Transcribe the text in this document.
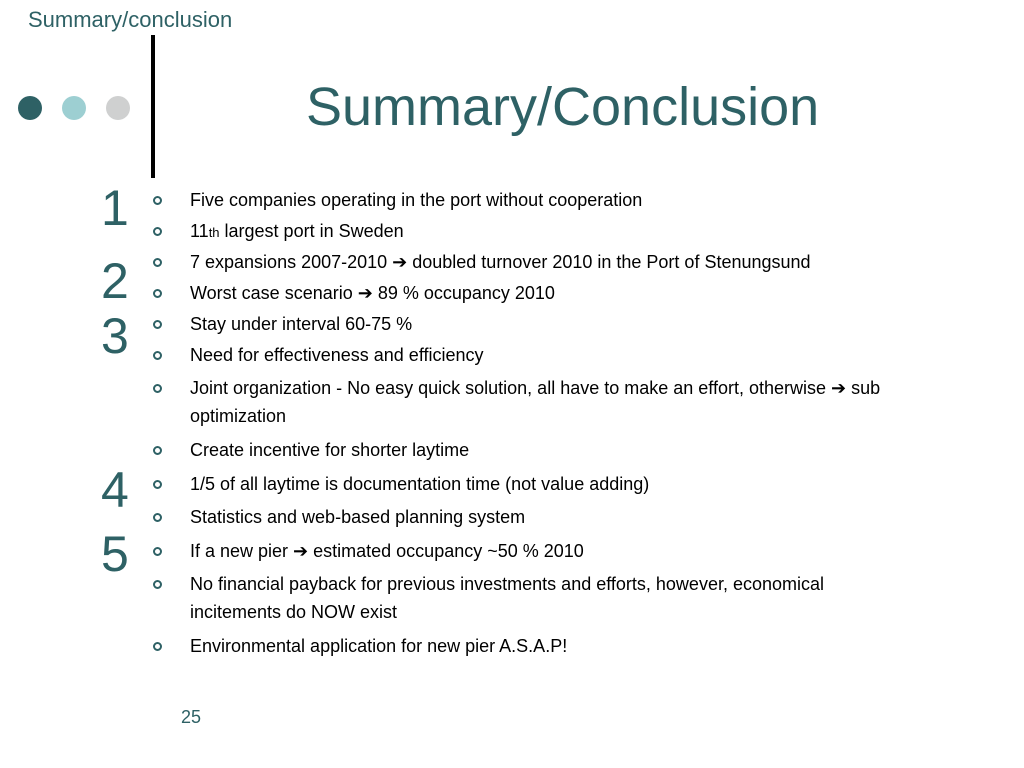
Summary/conclusion
Summary/Conclusion
1
2
3
4
5
Five companies operating in the port without cooperation
11th largest port in Sweden
7 expansions 2007-2010 ➔ doubled turnover 2010 in the Port of Stenungsund
Worst case scenario ➔ 89 % occupancy 2010
Stay under interval 60-75 %
Need for effectiveness and efficiency
Joint organization - No easy quick solution, all have to make an effort, otherwise ➔ sub optimization
Create incentive for shorter laytime
1/5 of all laytime is documentation time (not value adding)
Statistics and web-based planning system
If a new pier ➔ estimated occupancy ~50 % 2010
No financial payback for previous investments and efforts, however, economical incitements do NOW exist
Environmental application for new pier A.S.A.P!
25
